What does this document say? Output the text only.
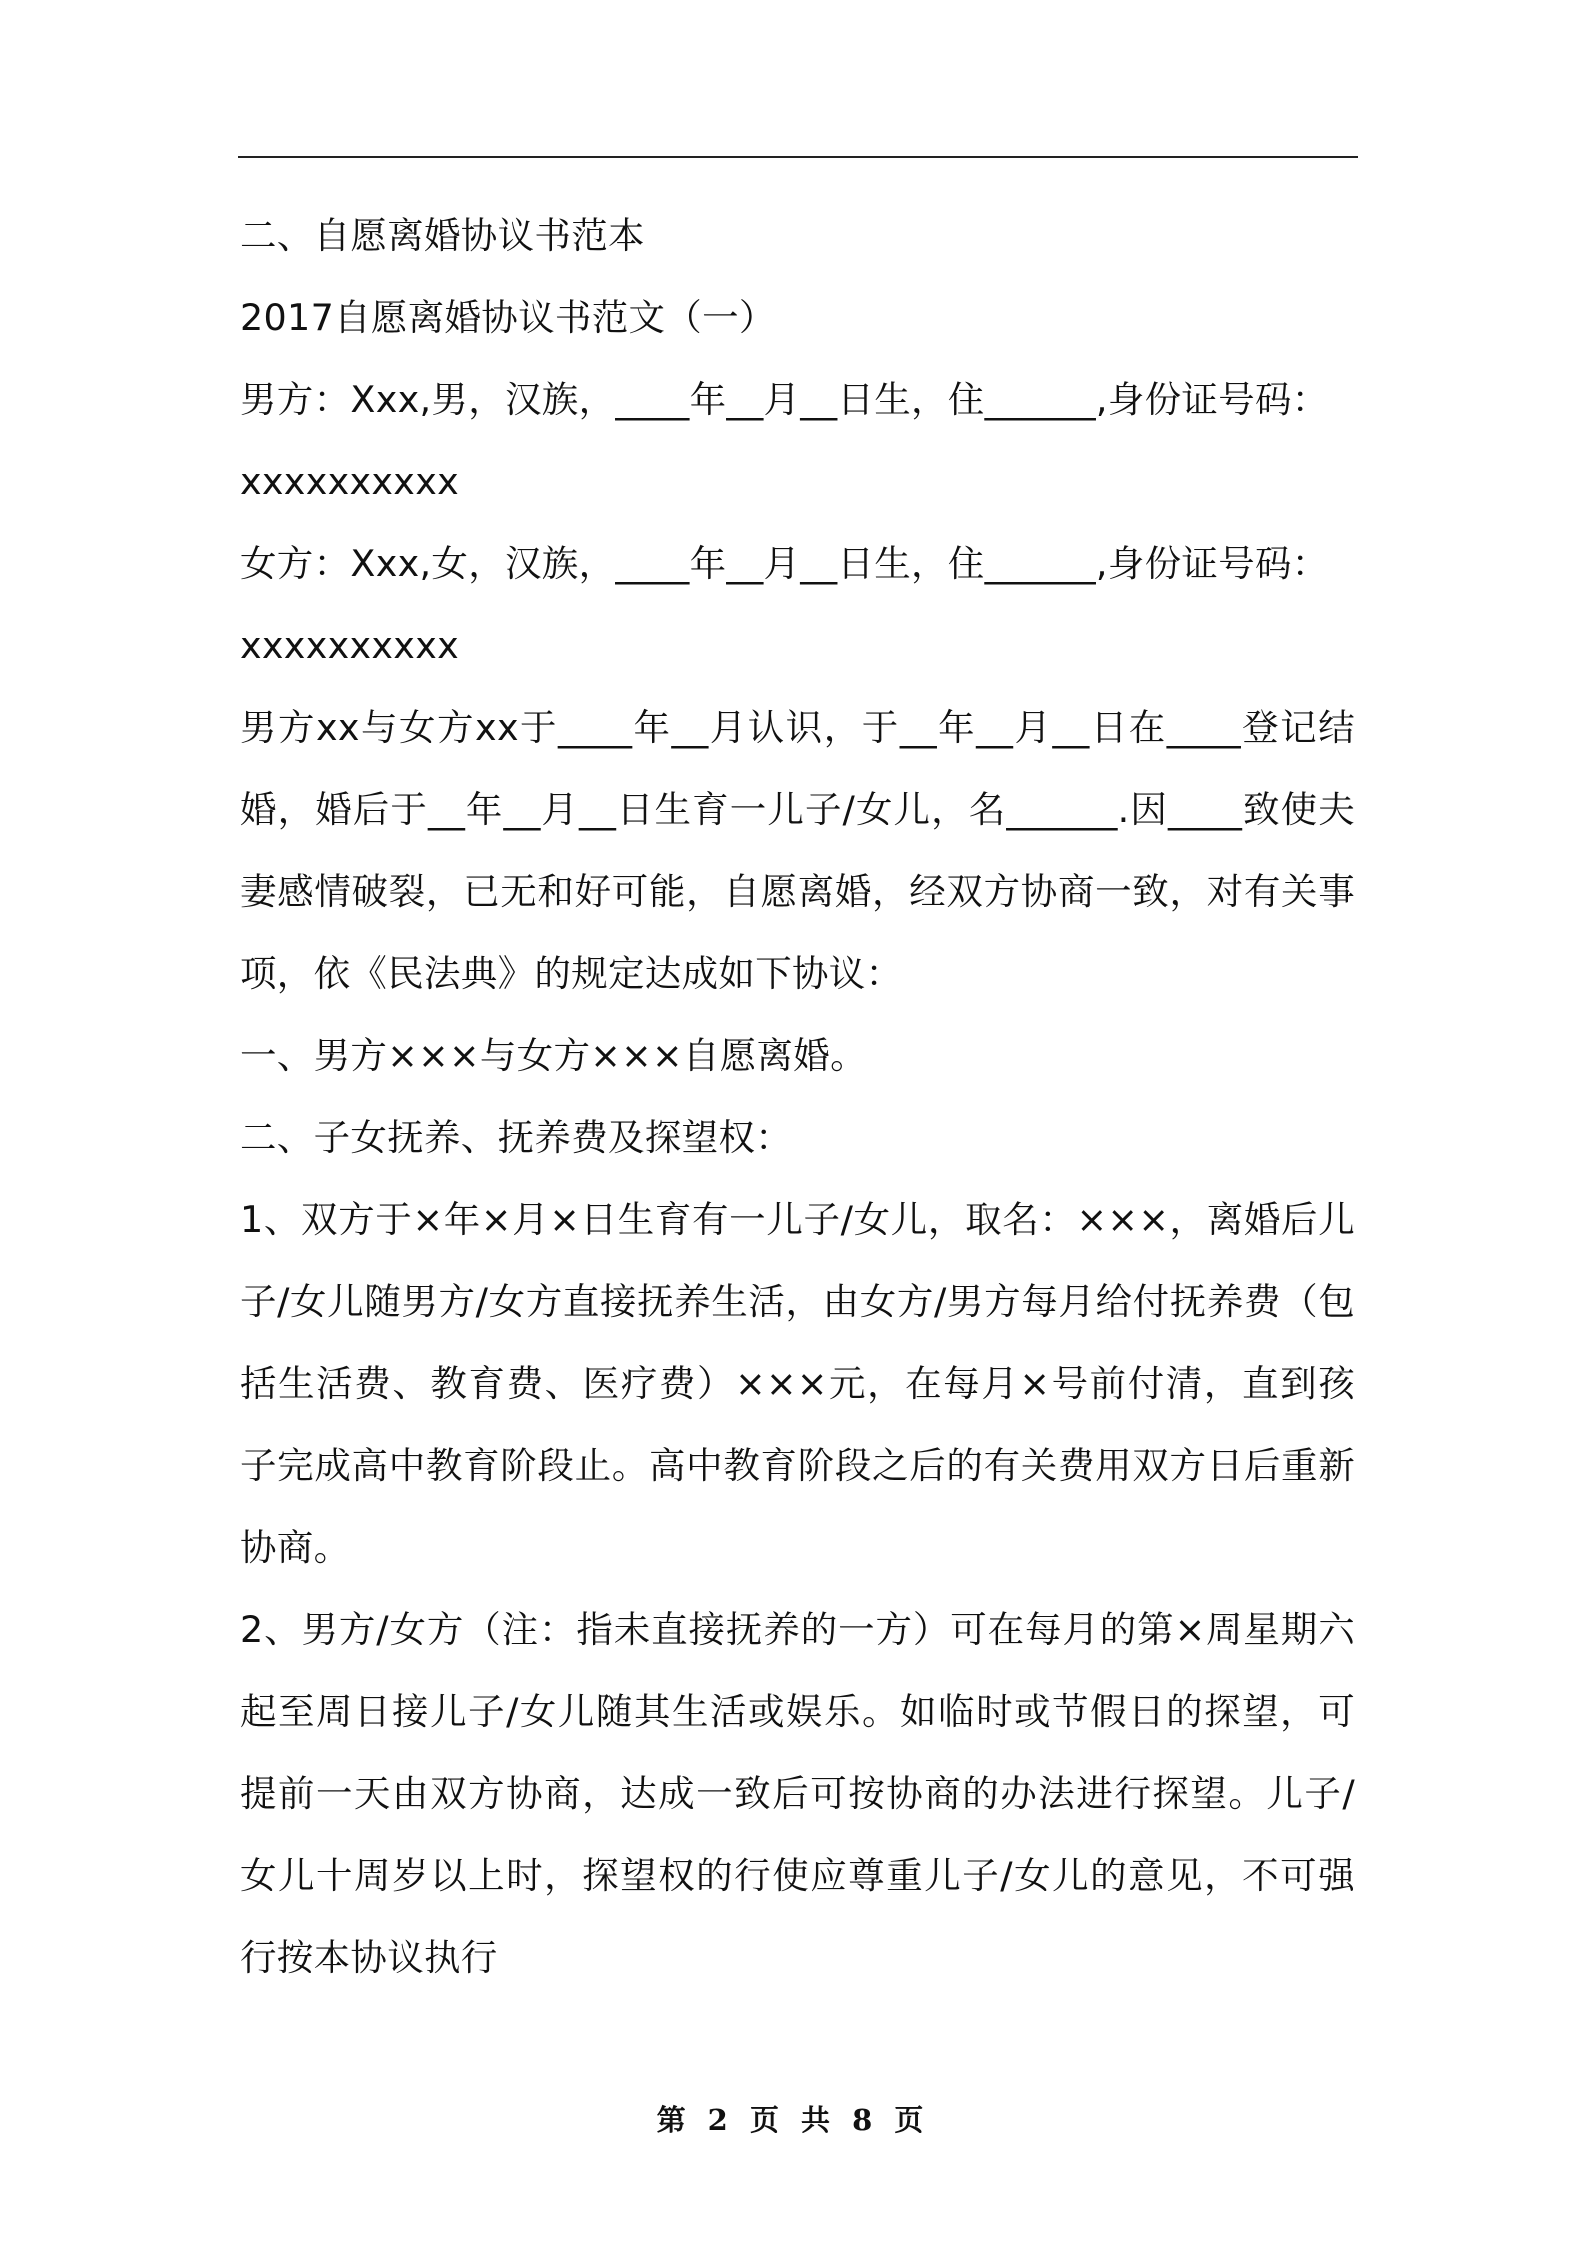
二、自愿离婚协议书范本

2017自愿离婚协议书范文（一）

男方：Xxx,男，汉族，____年__月__日生，住______,身份证号码：

xxxxxxxxxx

女方：Xxx,女，汉族，____年__月__日生，住______,身份证号码：

xxxxxxxxxx

男方xx与女方xx于____年__月认识，于__年__月__日在____登记结婚，婚后于__年__月__日生育一儿子/女儿，名______.因____致使夫妻感情破裂，已无和好可能，自愿离婚，经双方协商一致，对有关事项，依《民法典》的规定达成如下协议：

一、男方×××与女方×××自愿离婚。

二、子女抚养、抚养费及探望权：

1、双方于×年×月×日生育有一儿子/女儿，取名：×××，离婚后儿子/女儿随男方/女方直接抚养生活，由女方/男方每月给付抚养费（包括生活费、教育费、医疗费）×××元，在每月×号前付清，直到孩子完成高中教育阶段止。高中教育阶段之后的有关费用双方日后重新协商。

2、男方/女方（注：指未直接抚养的一方）可在每月的第×周星期六起至周日接儿子/女儿随其生活或娱乐。如临时或节假日的探望，可提前一天由双方协商，达成一致后可按协商的办法进行探望。儿子/女儿十周岁以上时，探望权的行使应尊重儿子/女儿的意见，不可强行按本协议执行

第 2 页 共 8 页
